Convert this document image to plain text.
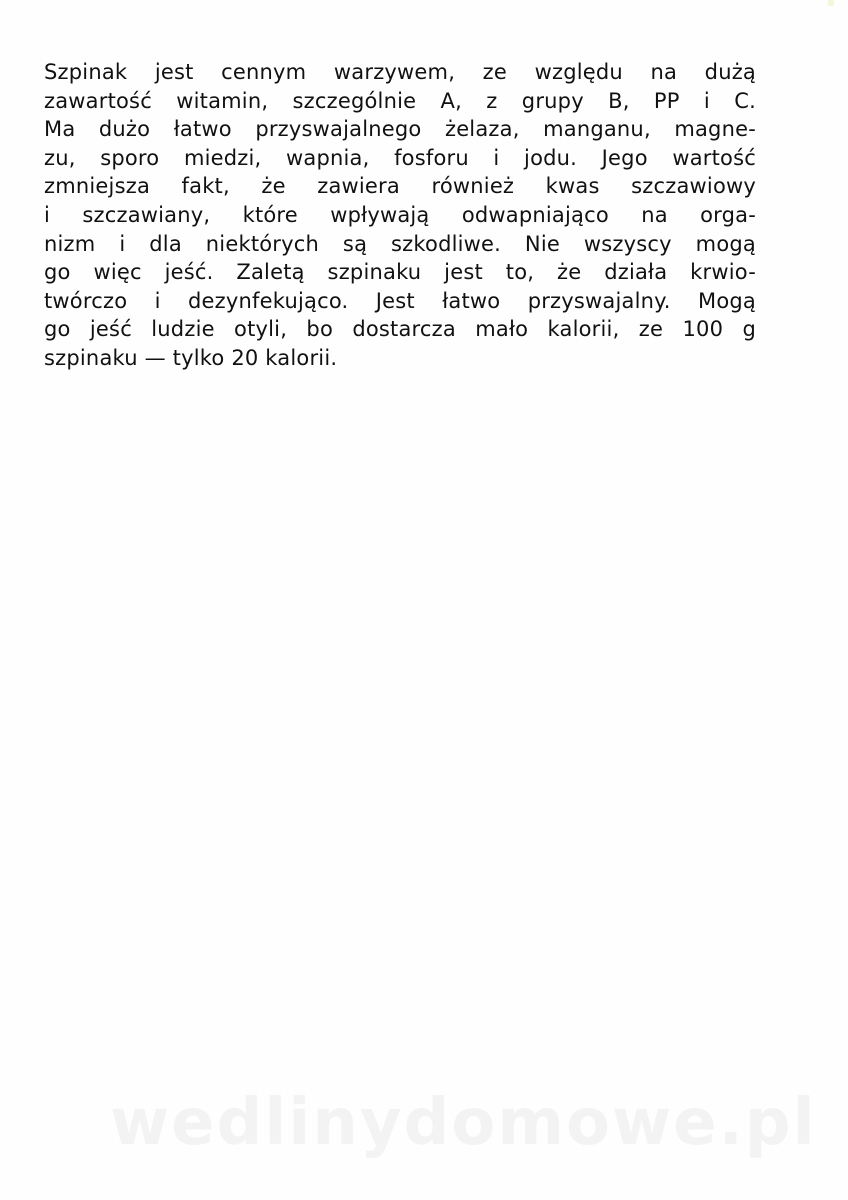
Szpinak jest cennym warzywem, ze względu na dużą
zawartość witamin, szczególnie A, z grupy B, PP i C.
Ma dużo łatwo przyswajalnego żelaza, manganu, magne-
zu, sporo miedzi, wapnia, fosforu i jodu. Jego wartość
zmniejsza fakt, że zawiera również kwas szczawiowy
i szczawiany, które wpływają odwapniająco na orga-
nizm i dla niektórych są szkodliwe. Nie wszyscy mogą
go więc jeść. Zaletą szpinaku jest to, że działa krwio-
twórczo i dezynfekująco. Jest łatwo przyswajalny. Mogą
go jeść ludzie otyli, bo dostarcza mało kalorii, ze 100 g
szpinaku — tylko 20 kalorii.
wedlinydomowe.pl
